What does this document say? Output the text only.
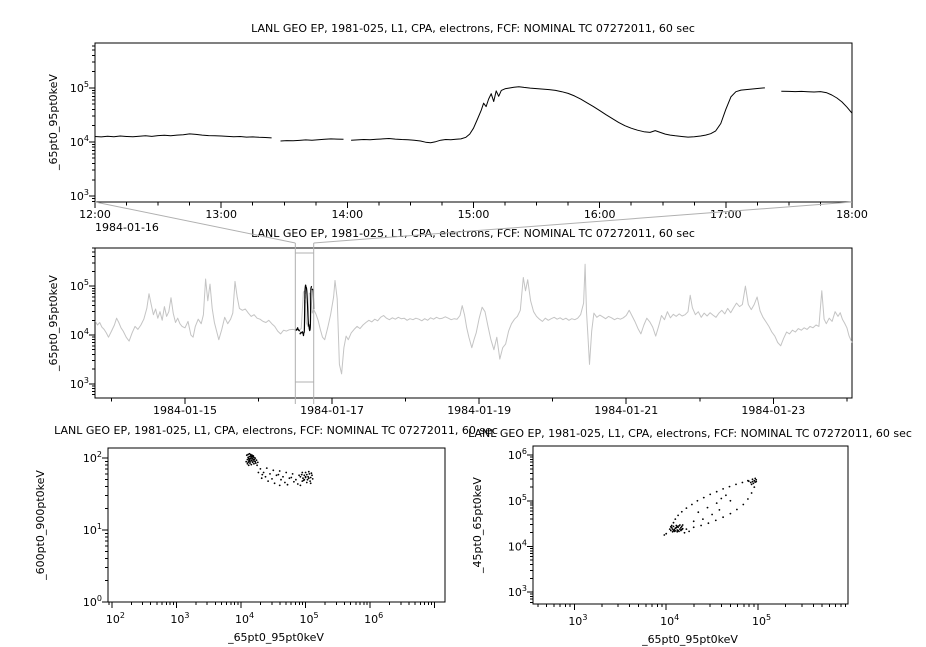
LANL GEO EP, 1981-025, L1, CPA, electrons, FCF: NOMINAL TC 07272011, 60 sec
_65pt0_95pt0keV
1984-01-16
$10^3$
$10^4$
$10^5$
12:00	13:00	14:00	15:00	16:00	17:00	18:00
LANL GEO EP, 1981-025, L1, CPA, electrons, FCF: NOMINAL TC 07272011, 60 sec
_65pt0_95pt0keV
$10^3$
$10^4$
$10^5$
1984-01-15	1984-01-17	1984-01-19	1984-01-21	1984-01-23
LANL GEO EP, 1981-025, L1, CPA, electrons, FCF: NOMINAL TC 07272011, 60 sec
_600pt0_900pt0keV
_65pt0_95pt0keV
$10^0$
$10^1$
$10^2$
$10^2$	$10^3$	$10^4$	$10^5$	$10^6$
LANL GEO EP, 1981-025, L1, CPA, electrons, FCF: NOMINAL TC 07272011, 60 sec
_45pt0_65pt0keV
_65pt0_95pt0keV
$10^3$
$10^4$
$10^5$
$10^6$
$10^3$	$10^4$	$10^5$
